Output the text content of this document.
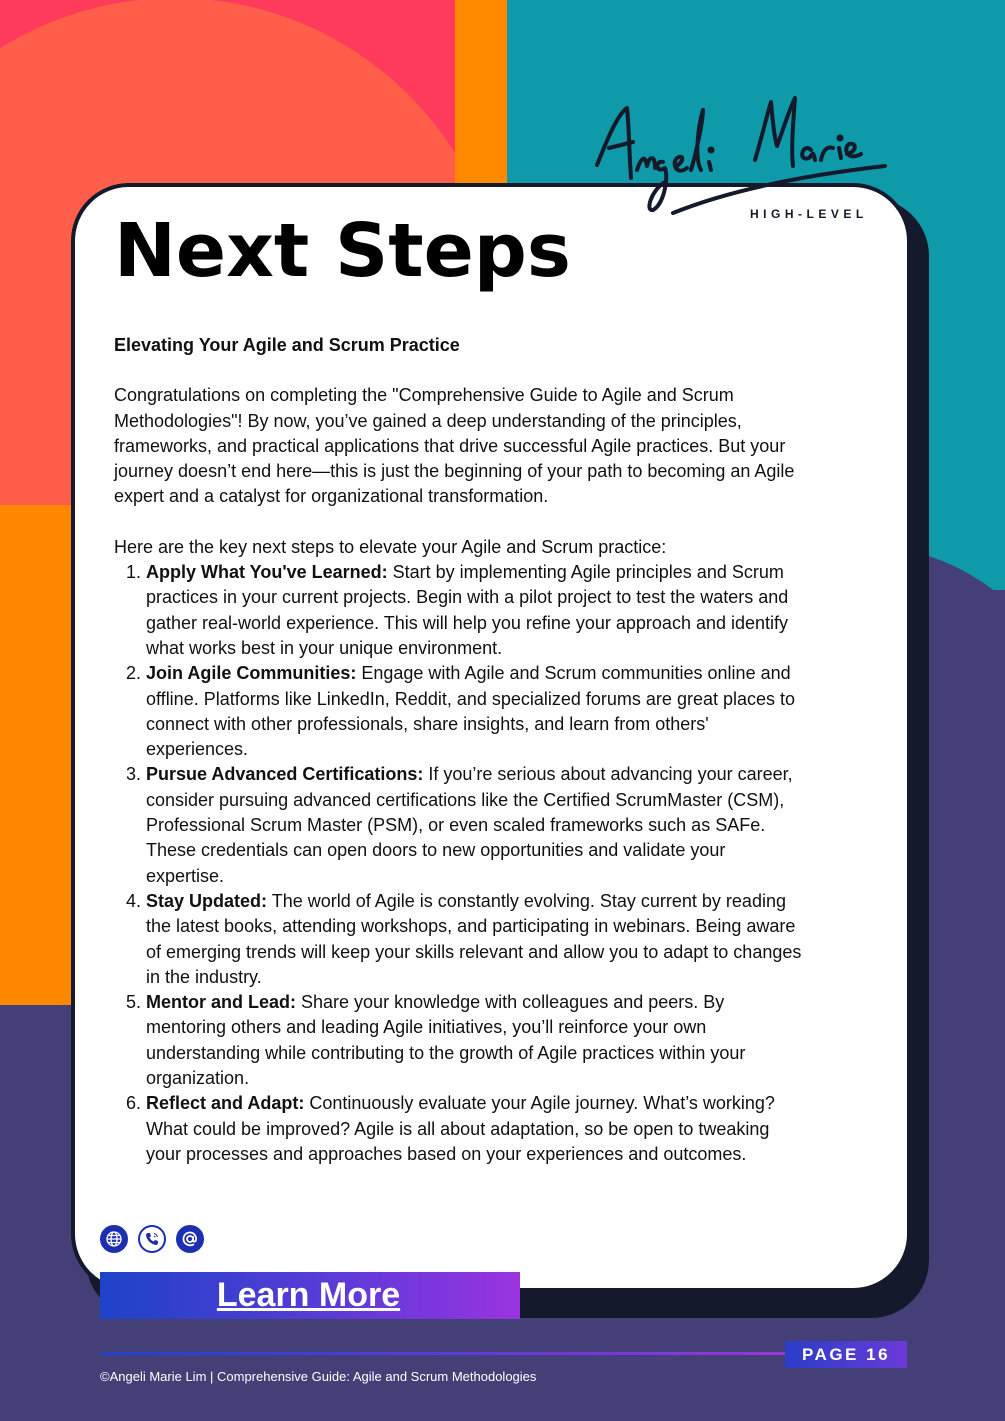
HIGH-LEVEL
Next Steps

Elevating Your Agile and Scrum Practice

Congratulations on completing the "Comprehensive Guide to Agile and Scrum Methodologies"! By now, you’ve gained a deep understanding of the principles, frameworks, and practical applications that drive successful Agile practices. But your journey doesn’t end here—this is just the beginning of your path to becoming an Agile expert and a catalyst for organizational transformation.

Here are the key next steps to elevate your Agile and Scrum practice:

1. Apply What You've Learned: Start by implementing Agile principles and Scrum practices in your current projects. Begin with a pilot project to test the waters and gather real-world experience. This will help you refine your approach and identify what works best in your unique environment.
2. Join Agile Communities: Engage with Agile and Scrum communities online and offline. Platforms like LinkedIn, Reddit, and specialized forums are great places to connect with other professionals, share insights, and learn from others' experiences.
3. Pursue Advanced Certifications: If you’re serious about advancing your career, consider pursuing advanced certifications like the Certified ScrumMaster (CSM), Professional Scrum Master (PSM), or even scaled frameworks such as SAFe. These credentials can open doors to new opportunities and validate your expertise.
4. Stay Updated: The world of Agile is constantly evolving. Stay current by reading the latest books, attending workshops, and participating in webinars. Being aware of emerging trends will keep your skills relevant and allow you to adapt to changes in the industry.
5. Mentor and Lead: Share your knowledge with colleagues and peers. By mentoring others and leading Agile initiatives, you’ll reinforce your own understanding while contributing to the growth of Agile practices within your organization.
6. Reflect and Adapt: Continuously evaluate your Agile journey. What’s working? What could be improved? Agile is all about adaptation, so be open to tweaking your processes and approaches based on your experiences and outcomes.
Learn More
PAGE 16
©Angeli Marie Lim | Comprehensive Guide: Agile and Scrum Methodologies
